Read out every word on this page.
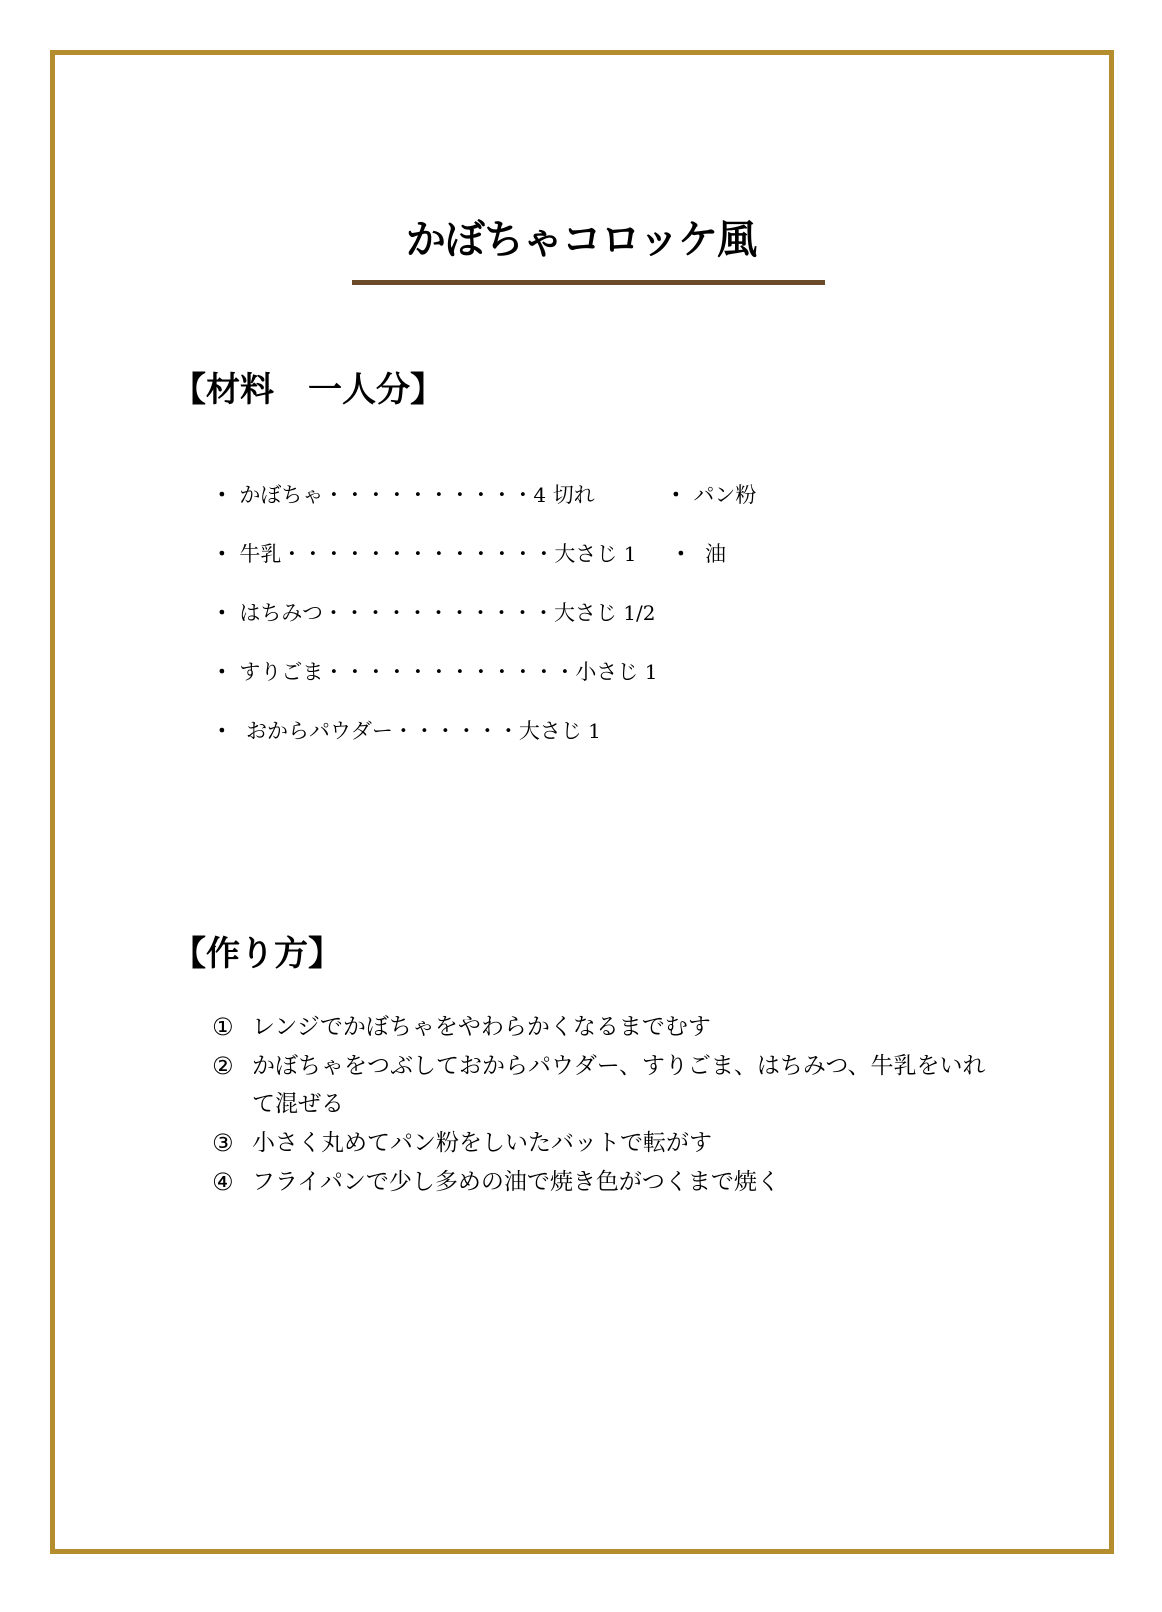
かぼちゃコロッケ風
【材料　一人分】

・ かぼちゃ・・・・・・・・・・4 切れ

・ 牛乳・・・・・・・・・・・・・大さじ 1

・ はちみつ・・・・・・・・・・・大さじ 1/2

・ すりごま・・・・・・・・・・・・小さじ 1

・ おからパウダー・・・・・・大さじ 1

・ パン粉

・ 油

【作り方】
① レンジでかぼちゃをやわらかくなるまでむす
② かぼちゃをつぶしておからパウダー、すりごま、はちみつ、牛乳をいれて混ぜる
③ 小さく丸めてパン粉をしいたバットで転がす
④ フライパンで少し多めの油で焼き色がつくまで焼く
